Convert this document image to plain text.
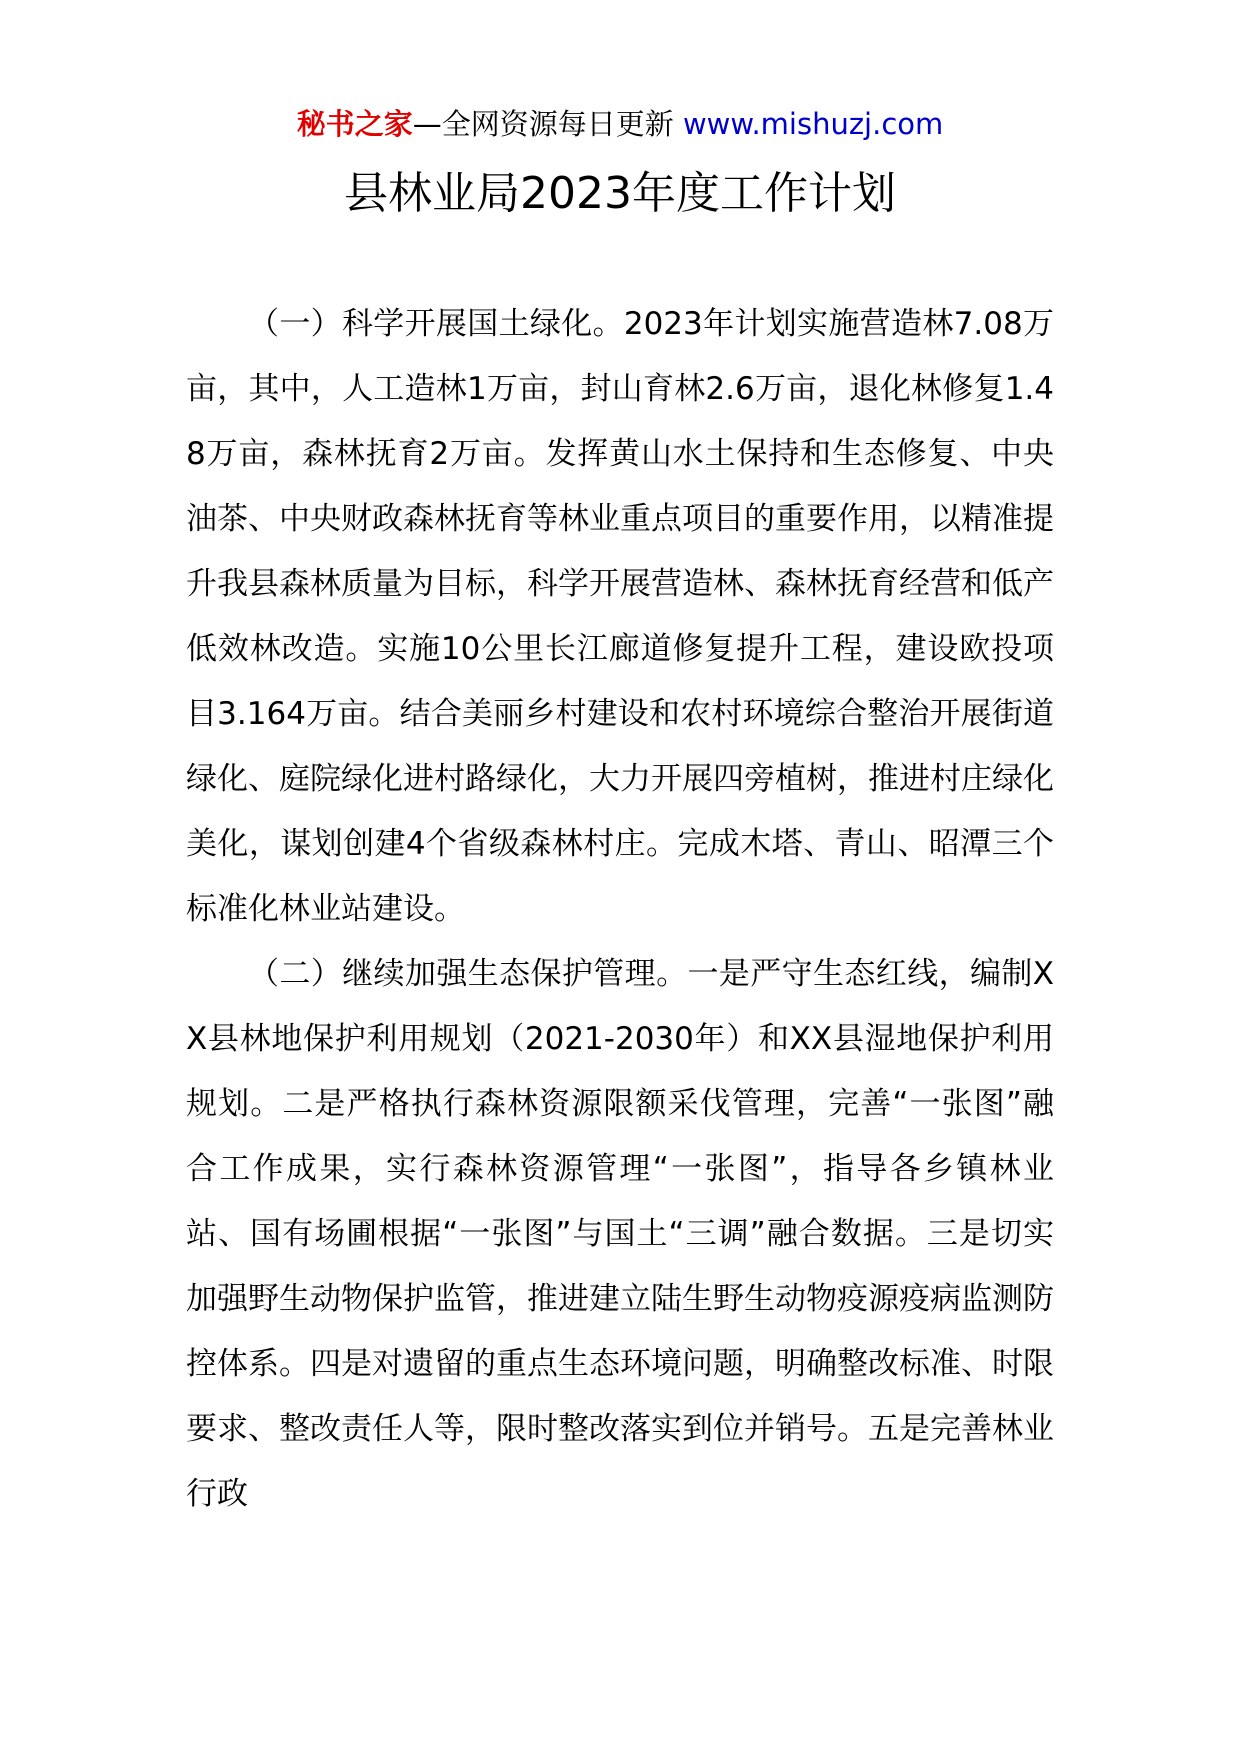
秘书之家—全网资源每日更新 www.mishuzj.com
县林业局2023年度工作计划

（一）科学开展国土绿化。2023年计划实施营造林7.08万亩，其中，人工造林1万亩，封山育林2.6万亩，退化林修复1.48万亩，森林抚育2万亩。发挥黄山水土保持和生态修复、中央油茶、中央财政森林抚育等林业重点项目的重要作用，以精准提升我县森林质量为目标，科学开展营造林、森林抚育经营和低产低效林改造。实施10公里长江廊道修复提升工程，建设欧投项目3.164万亩。结合美丽乡村建设和农村环境综合整治开展街道绿化、庭院绿化进村路绿化，大力开展四旁植树，推进村庄绿化美化，谋划创建4个省级森林村庄。完成木塔、青山、昭潭三个标准化林业站建设。

（二）继续加强生态保护管理。一是严守生态红线，编制XX县林地保护利用规划（2021-2030年）和XX县湿地保护利用规划。二是严格执行森林资源限额采伐管理，完善“一张图”融合工作成果，实行森林资源管理“一张图”，指导各乡镇林业站、国有场圃根据“一张图”与国土“三调”融合数据。三是切实加强野生动物保护监管，推进建立陆生野生动物疫源疫病监测防控体系。四是对遗留的重点生态环境问题，明确整改标准、时限要求、整改责任人等，限时整改落实到位并销号。五是完善林业行政
